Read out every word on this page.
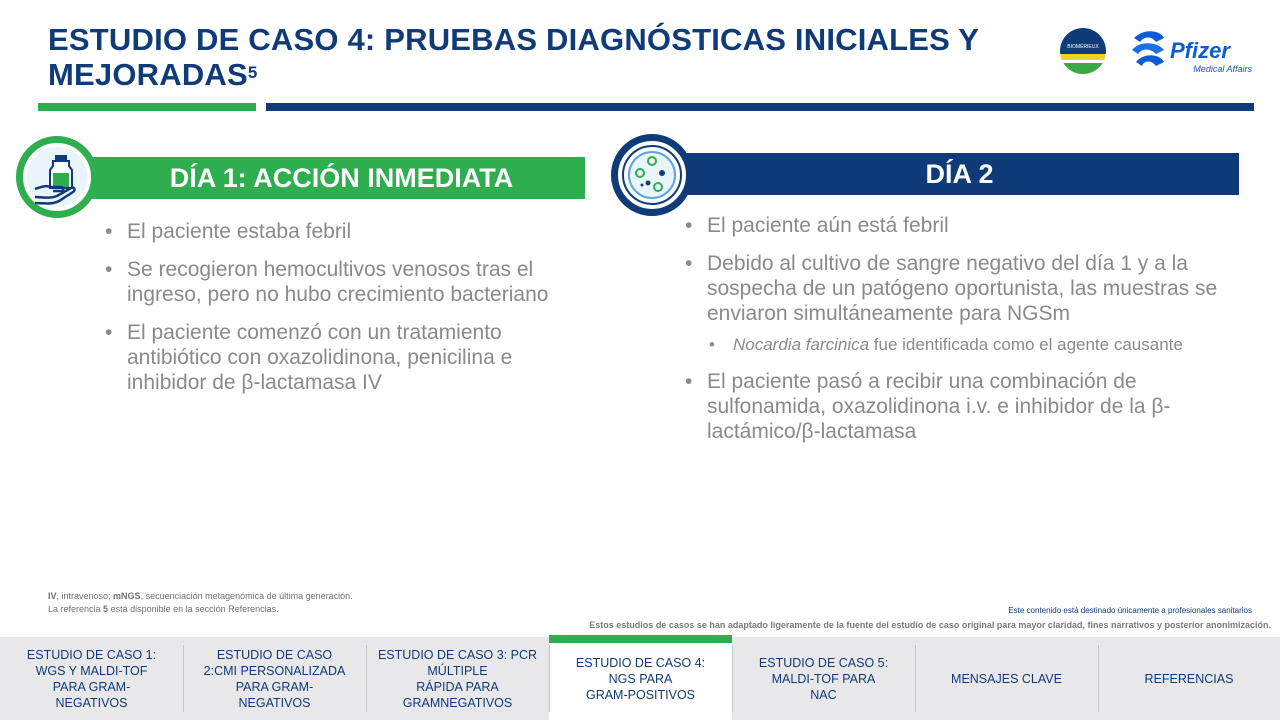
ESTUDIO DE CASO 4: PRUEBAS DIAGNÓSTICAS INICIALES Y MEJORADAS$^5$
BIOMÉRIEUX	Pfizer
Medical Affairs
DÍA 1: ACCIÓN INMEDIATA
• El paciente estaba febril
• Se recogieron hemocultivos venosos tras el ingreso, pero no hubo crecimiento bacteriano
• El paciente comenzó con un tratamiento antibiótico con oxazolidinona, penicilina e inhibidor de β-lactamasa IV
DÍA 2
• El paciente aún está febril
• Debido al cultivo de sangre negativo del día 1 y a la sospecha de un patógeno oportunista, las muestras se enviaron simultáneamente para NGSm
• Nocardia farcinica fue identificada como el agente causante
• El paciente pasó a recibir una combinación de sulfonamida, oxazolidinona i.v. e inhibidor de la β-lactámico/β-lactamasa
IV, intravenoso; mNGS, secuenciación metagenómica de última generación.
La referencia 5 está disponible en la sección Referencias.	Este contenido está destinado únicamente a profesionales sanitarios
Estos estudios de casos se han adaptado ligeramente de la fuente del estudio de caso original para mayor claridad, fines narrativos y posterior anonimización.
ESTUDIO DE CASO 1:
WGS Y MALDI-TOF
PARA GRAM-
NEGATIVOS
ESTUDIO DE CASO
2:CMI PERSONALIZADA
PARA GRAM-
NEGATIVOS
ESTUDIO DE CASO 3: PCR
MÚLTIPLE
RÁPIDA PARA
GRAMNEGATIVOS
ESTUDIO DE CASO 4:
NGS PARA
GRAM-POSITIVOS
ESTUDIO DE CASO 5:
MALDI-TOF PARA
NAC
MENSAJES CLAVE	REFERENCIAS
